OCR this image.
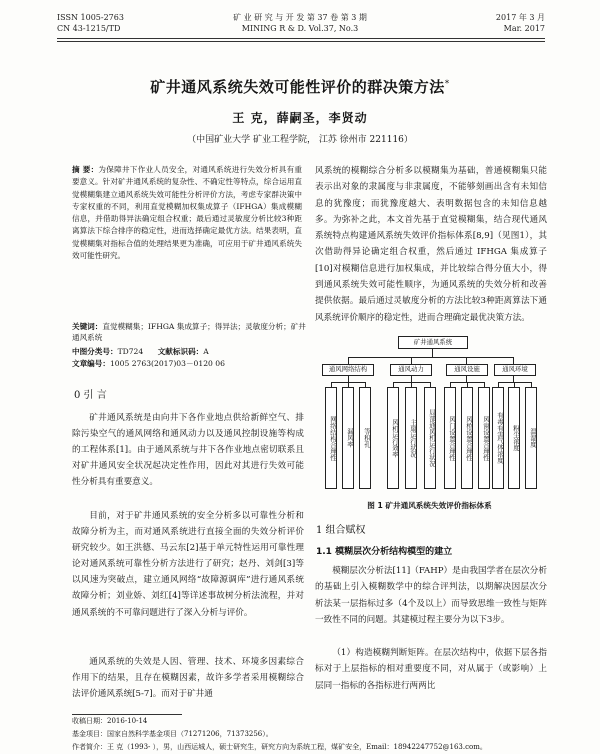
ISSN 1005-2763
CN 43-1215/TD
矿 业 研 究 与 开 发 第 37 卷 第 3 期
MINING R & D. Vol.37, No.3
2017 年 3 月
Mar. 2017
矿井通风系统失效可能性评价的群决策方法*
王 克，薛嗣圣，李贤动
（中国矿业大学 矿业工程学院， 江苏 徐州市 221116）
摘 要：为保障井下作业人员安全，对通风系统进行失效分析具有重要意义。针对矿井通风系统的复杂性、不确定性等特点，综合运用直觉模糊集建立通风系统失效可能性分析评价方法，考虑专家群决策中专家权重的不同，利用直觉模糊加权集成算子（IFHGA）集成模糊信息，并借助得异法确定组合权重；最后通过灵敏度分析比较3种距离算法下综合排序的稳定性，进而选择确定最优方法。结果表明，直觉模糊集对指标合值的处理结果更为准确，可应用于矿井通风系统失效可能性研究。
关键词：直觉模糊集；IFHGA 集成算子；得异法；灵敏度分析；矿井通风系统
中图分类号：TD724 文献标识码：A
文章编号：1005 2763(2017)03－0120 06
0 引 言
矿井通风系统是由向井下各作业地点供给新鲜空气、排除污染空气的通风网络和通风动力以及通风控制设施等构成的工程体系[1]。由于通风系统与井下各作业地点密切联系且对矿井通风安全状况起决定性作用，因此对其进行失效可能性分析具有重要意义。
目前，对于矿井通风系统的安全分析多以可靠性分析和故障分析为主，而对通风系统进行直接全面的失效分析评价研究较少。如王洪德、马云东[2]基于单元特性运用可靠性理论对通风系统可靠性分析方法进行了研究；赵丹、刘剑[3]等以风速为突破点，建立通风网络“故障源调库”进行通风系统故障分析；刘业娇、刘红[4]等详述事故树分析法流程，并对通风系统的不可靠问题进行了深入分析与评价。
通风系统的失效是人因、管理、技术、环境多因素综合作用下的结果，且存在模糊因素，故许多学者采用模糊综合法评价通风系统[5-7]。而对于矿井通
风系统的模糊综合分析多以模糊集为基础，普通模糊集只能表示出对象的隶属度与非隶属度，不能够刻画出含有未知信息的犹豫度；而犹豫度越大、表明数据包含的未知信息越多。为弥补之此，本文首先基于直觉模糊集，结合现代通风系统特点构建通风系统失效评价指标体系[8,9]（见图1），其次借助得异论确定组合权重，然后通过 IFHGA 集成算子[10]对模糊信息进行加权集成，并比较综合得分值大小，得到通风系统失效可能性顺序，为通风系统的失效分析和改善提供依据。最后通过灵敏度分析的方法比较3种距离算法下通风系统评价顺序的稳定性，进而合理确定最优决策方法。
矿井通风系统
通风网络结构	通风动力	通风设施	通风环境
网络结构合理性	漏风率	等积孔	风机运行效率	主扇运行状况	局部通风机运行状况	风门设置合理性	风桥设置合理性	风窗设置合理性 有毒有害气体浓度	粉尘浓度	温湿度
图 1 矿井通风系统失效评价指标体系
1 组合赋权
1.1 模糊层次分析结构模型的建立
模糊层次分析法[11]（FAHP）是由我国学者在层次分析的基础上引入模糊数学中的综合评判法，以期解决因层次分析法某一层指标过多（4个及以上）而导致思维一致性与矩阵一致性不同的问题。其建模过程主要分为以下3步。
（1）构造模糊判断矩阵。在层次结构中，依据下层各指标对于上层指标的相对重要度不同，对从属于（或影响）上层同一指标的各指标进行两两比
收稿日期：2016-10-14
基金项目：国家自然科学基金项目（71271206，71373256）。
作者简介：王 克（1993- ），男，山西运城人，硕士研究生，研究方向为系统工程，煤矿安全，Email：18942247752@163.com。
